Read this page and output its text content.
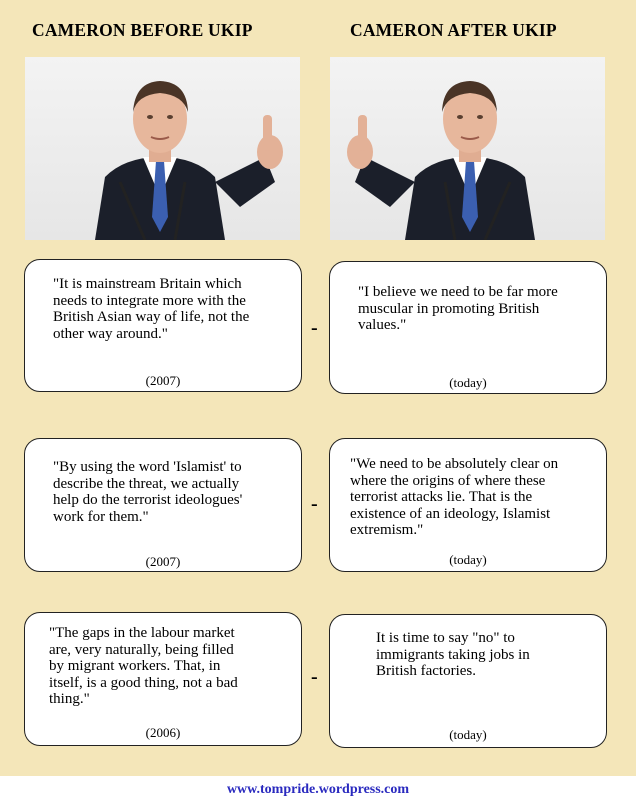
CAMERON BEFORE UKIP	CAMERON AFTER UKIP

"It is mainstream Britain which
needs to integrate more with the
British Asian way of life, not the
other way around."

(2007)
-

"I believe we need to be far more
muscular in promoting British
values."

(today)

"By using the word 'Islamist' to
describe the threat, we actually
help do the terrorist ideologues'
work for them."

(2007)
-

"We need to be absolutely clear on
where the origins of where these
terrorist attacks lie. That is the
existence of an ideology, Islamist
extremism."

(today)

"The gaps in the labour market
are, very naturally, being filled
by migrant workers. That, in
itself, is a good thing, not a bad
thing."

(2006)
-

It is time to say "no" to
immigrants taking jobs in
British factories.

(today)
www.tompride.wordpress.com
